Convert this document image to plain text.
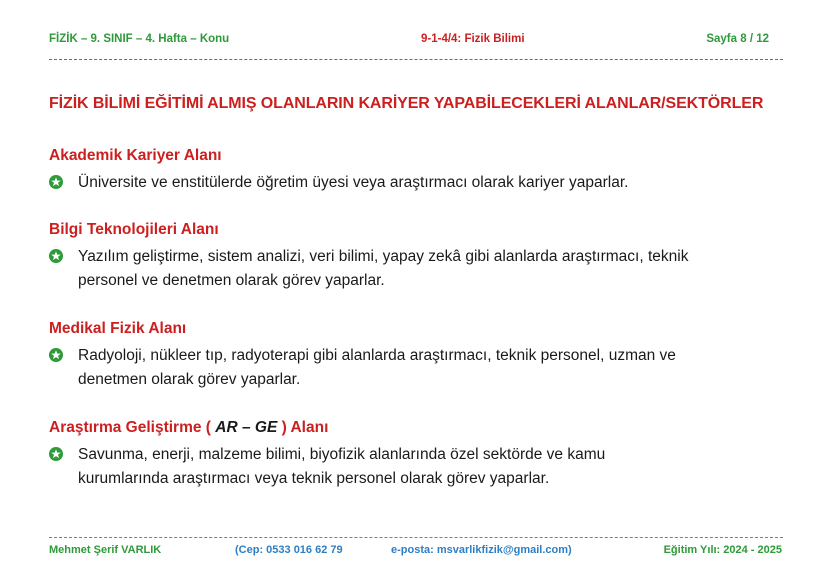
FİZİK – 9. SINIF – 4. Hafta – Konu	9-1-4/4: Fizik Bilimi	Sayfa 8 / 12
FİZİK BİLİMİ EĞİTİMİ ALMIŞ OLANLARIN KARİYER YAPABİLECEKLERİ ALANLAR/SEKTÖRLER
Akademik Kariyer Alanı
Üniversite ve enstitülerde öğretim üyesi veya araştırmacı olarak kariyer yaparlar.
Bilgi Teknolojileri Alanı
Yazılım geliştirme, sistem analizi, veri bilimi, yapay zekâ gibi alanlarda araştırmacı, teknik
personel ve denetmen olarak görev yaparlar.
Medikal Fizik Alanı
Radyoloji, nükleer tıp, radyoterapi gibi alanlarda araştırmacı, teknik personel, uzman ve
denetmen olarak görev yaparlar.
Araştırma Geliştirme ( AR – GE ) Alanı
Savunma, enerji, malzeme bilimi, biyofizik alanlarında özel sektörde ve kamu
kurumlarında araştırmacı veya teknik personel olarak görev yaparlar.
Mehmet Şerif VARLIK	(Cep: 0533 016 62 79	e-posta: msvarlikfizik@gmail.com)	Eğitim Yılı: 2024 - 2025
